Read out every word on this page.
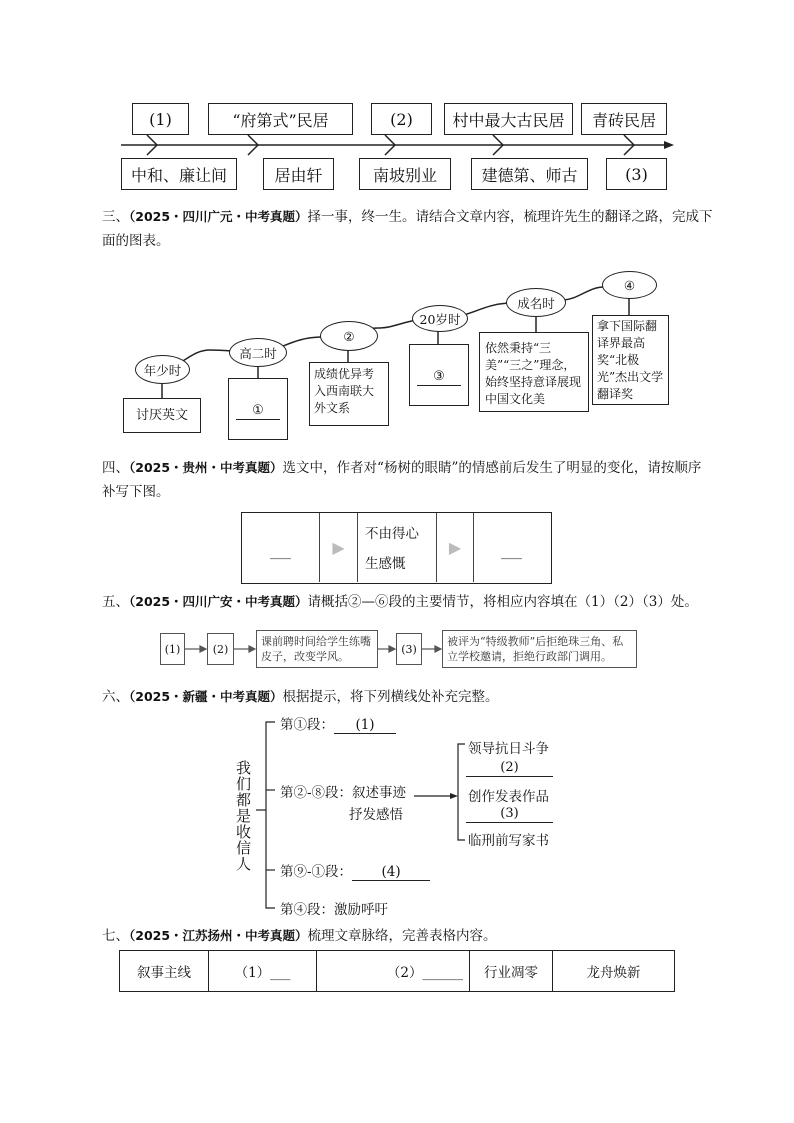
(1)	“府第式”民居	(2)	村中最大古民居	青砖民居
中和、廉让间	居由轩	南坡别业	建德第、师古	(3)
三、（2025・四川广元・中考真题）择一事，终一生。请结合文章内容，梳理许先生的翻译之路，完成下
面的图表。
年少时
高二时
②
20岁时
成名时
④
讨厌英文	①
成绩优异考入西南联大外文系
③
依然秉持“三美”“三之”理念，始终坚持意译展现中国文化美
拿下国际翻译界最高奖“北极光”杰出文学翻译奖
四、（2025・贵州・中考真题）选文中，作者对“杨树的眼睛”的情感前后发生了明显的变化，请按顺序
补写下图。
___	▶
不由得心
生感慨
▶	___
五、（2025・四川广安・中考真题）请概括②—⑥段的主要情节，将相应内容填在（1）（2）（3）处。
(1)	(2)
课前聘时间给学生练嘴皮子，改变学风。
(3)
被评为“特级教师”后拒绝珠三角、私立学校邀请，拒绝行政部门调用。
六、（2025・新疆・中考真题）根据提示，将下列横线处补充完整。
我们都是收信人
第①段： (1)
第②-⑧段：叙述事迹
抒发感悟
领导抗日斗争
(2)
创作发表作品
(3)
临刑前写家书
第⑨-①段： (4)
第④段：激励呼吁
七、（2025・江苏扬州・中考真题）梳理文章脉络，完善表格内容。
叙事主线	（1）___	（2）______	行业凋零	龙舟焕新
